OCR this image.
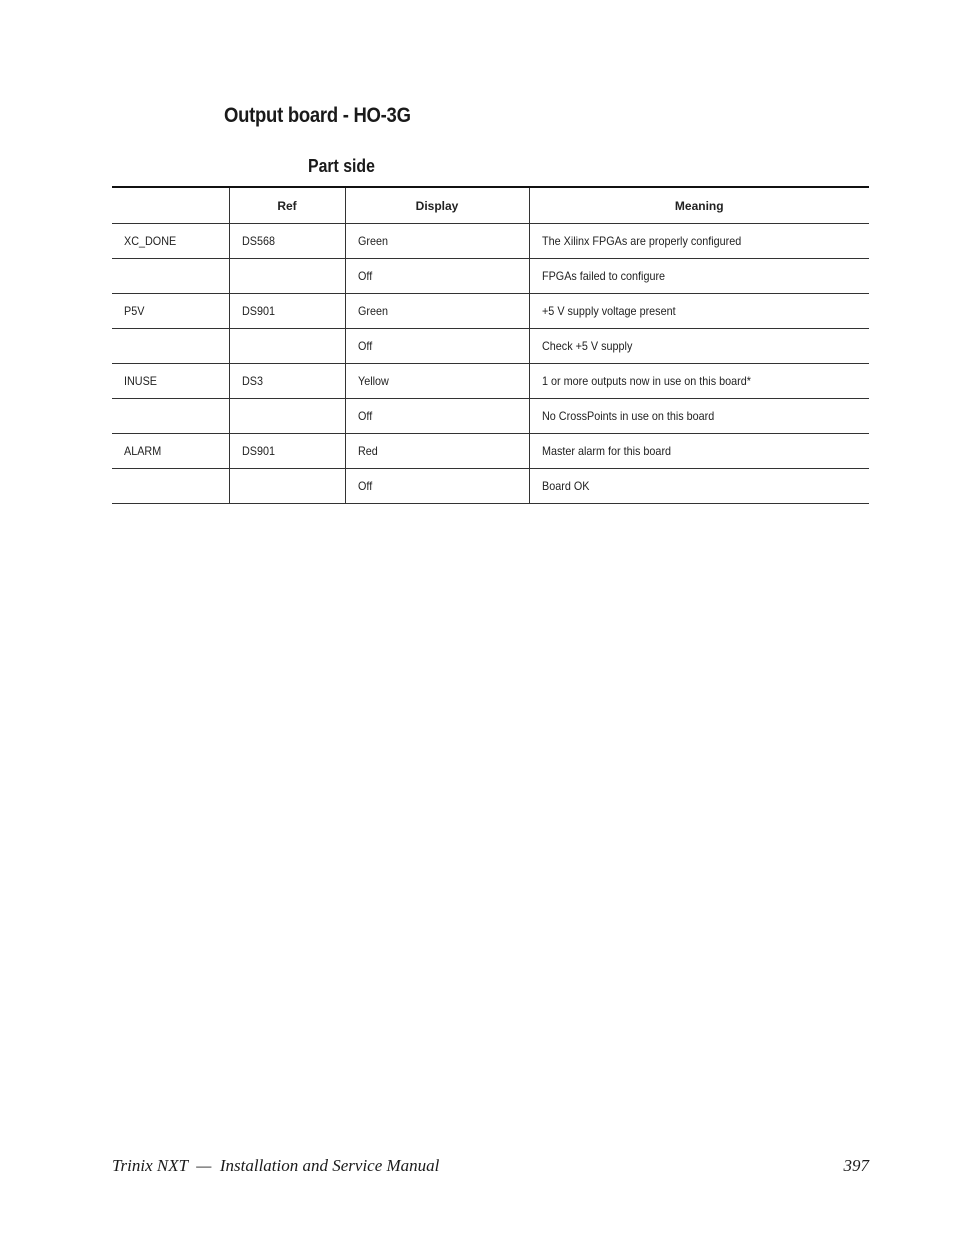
Output board - HO-3G
Part side
	Ref	Display	Meaning
XC_DONE	DS568	Green	The Xilinx FPGAs are properly configured
		Off	FPGAs failed to configure
P5V	DS901	Green	+5 V supply voltage present
		Off	Check +5 V supply
INUSE	DS3	Yellow	1 or more outputs now in use on this board*
		Off	No CrossPoints in use on this board
ALARM	DS901	Red	Master alarm for this board
		Off	Board OK
Trinix NXT  —  Installation and Service Manual	397
